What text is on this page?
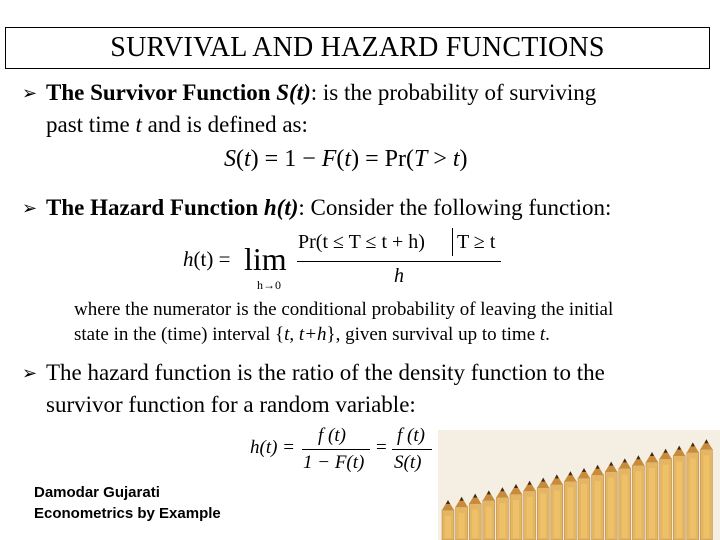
SURVIVAL AND HAZARD FUNCTIONS
➢ The Survivor Function S(t): is the probability of surviving
past time t and is defined as:
S(t) = 1 − F(t) = Pr(T > t)
➢ The Hazard Function h(t): Consider the following function:
h(t) = lim
h→0
Pr(t ≤ T ≤ t + h) T ≥ t
h
where the numerator is the conditional probability of leaving the initial
state in the (time) interval {t, t+h}, given survival up to time t.
➢ The hazard function is the ratio of the density function to the
survivor function for a random variable:
h(t) =
f (t)
1 − F(t)
=
f (t)
S(t)
Damodar Gujarati
Econometrics by Example
